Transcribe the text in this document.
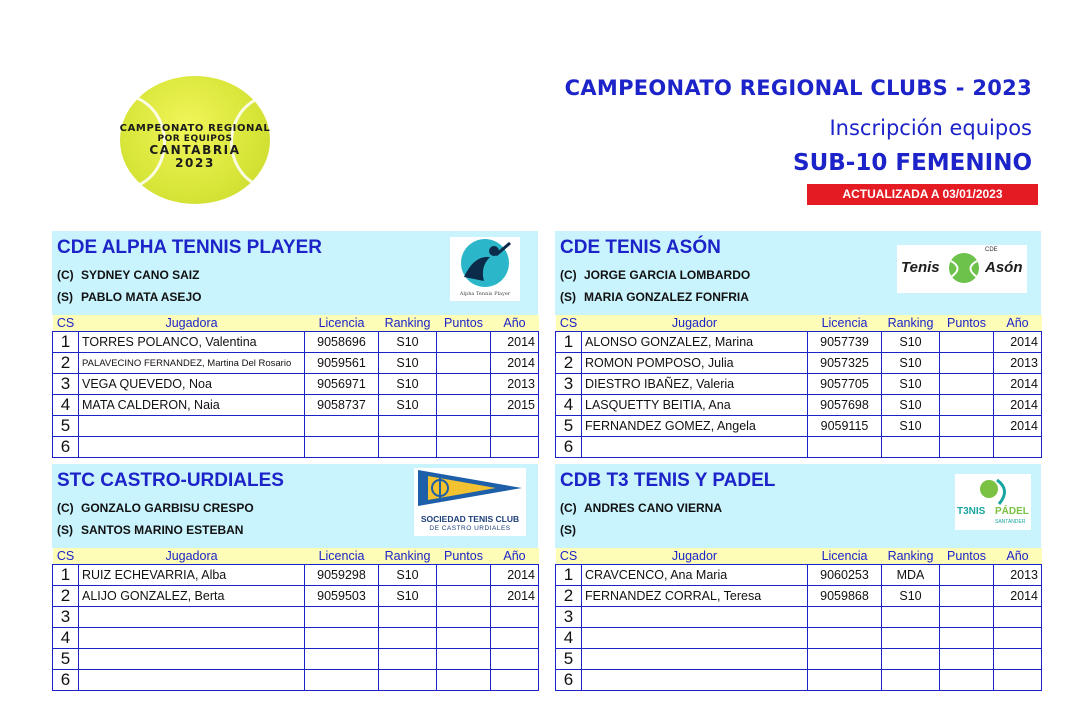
CAMPEONATO REGIONAL
POR EQUIPOS
CANTABRIA
2023
CAMPEONATO REGIONAL CLUBS - 2023
Inscripción equipos
SUB-10 FEMENINO
ACTUALIZADA A 03/01/2023
CDE ALPHA TENNIS PLAYER
(C) SYDNEY CANO SAIZ
(S) PABLO MATA ASEJO	Alpha Tennis Player
CS	Jugadora	Licencia	Ranking	Puntos	Año
1	TORRES POLANCO, Valentina	9058696	S10		2014
2	PALAVECINO FERNANDEZ, Martina Del Rosario	9059561	S10		2014
3	VEGA QUEVEDO, Noa	9056971	S10		2013
4	MATA CALDERON, Naia	9058737	S10		2015
5					
6					
CDE TENIS ASÓN
(C) JORGE GARCIA LOMBARDO
(S) MARIA GONZALEZ FONFRIA
Tenis	Asón
CDE
CS	Jugador	Licencia	Ranking	Puntos	Año
1	ALONSO GONZALEZ, Marina	9057739	S10		2014
2	ROMON POMPOSO, Julia	9057325	S10		2013
3	DIESTRO IBAÑEZ, Valeria	9057705	S10		2014
4	LASQUETTY BEITIA, Ana	9057698	S10		2014
5	FERNANDEZ GOMEZ, Angela	9059115	S10		2014
6					
STC CASTRO-URDIALES
(C) GONZALO GARBISU CRESPO
(S) SANTOS MARINO ESTEBAN
SOCIEDAD TENIS CLUB
DE CASTRO URDIALES
CS	Jugadora	Licencia	Ranking	Puntos	Año
1	RUIZ ECHEVARRIA, Alba	9059298	S10		2014
2	ALIJO GONZALEZ, Berta	9059503	S10		2014
3					
4					
5					
6					
CDB T3 TENIS Y PADEL
(C) ANDRES CANO VIERNA
(S)
T3NIS PÁDEL
SANTANDER
CS	Jugador	Licencia	Ranking	Puntos	Año
1	CRAVCENCO, Ana Maria	9060253	MDA		2013
2	FERNANDEZ CORRAL, Teresa	9059868	S10		2014
3					
4					
5					
6					
